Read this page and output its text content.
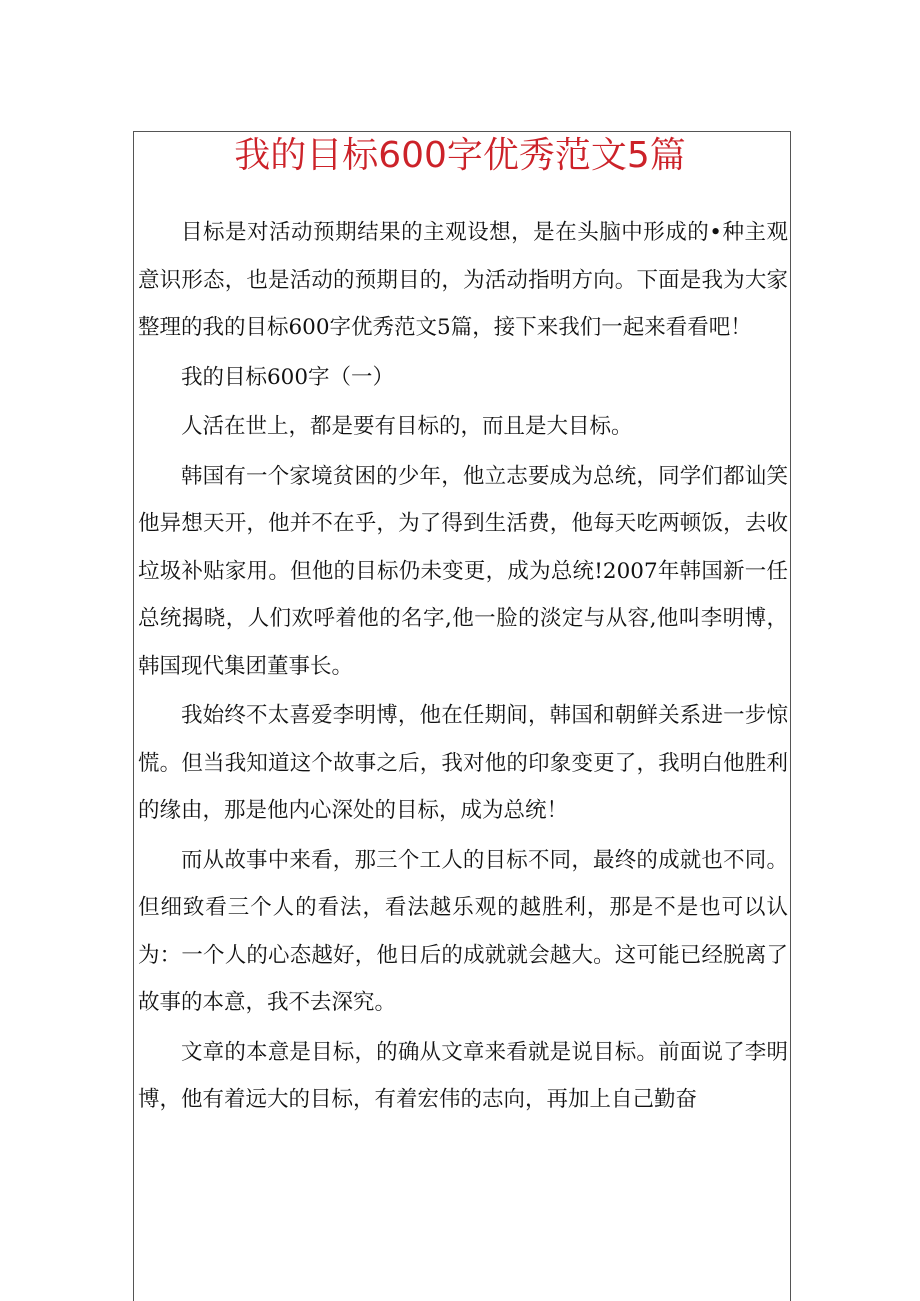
我的目标600字优秀范文5篇

目标是对活动预期结果的主观设想，是在头脑中形成的•种主观意识形态，也是活动的预期目的，为活动指明方向。下面是我为大家整理的我的目标600字优秀范文5篇，接下来我们一起来看看吧！

我的目标600字（一）

人活在世上，都是要有目标的，而且是大目标。

韩国有一个家境贫困的少年，他立志要成为总统，同学们都讪笑他异想天开，他并不在乎，为了得到生活费，他每天吃两顿饭，去收垃圾补贴家用。但他的目标仍未变更，成为总统!2007年韩国新一任总统揭晓，人们欢呼着他的名字,他一脸的淡定与从容,他叫李明博，韩国现代集团董事长。

我始终不太喜爱李明博，他在任期间，韩国和朝鲜关系进一步惊慌。但当我知道这个故事之后，我对他的印象变更了，我明白他胜利的缘由，那是他内心深处的目标，成为总统！

而从故事中来看，那三个工人的目标不同，最终的成就也不同。但细致看三个人的看法，看法越乐观的越胜利，那是不是也可以认为：一个人的心态越好，他日后的成就就会越大。这可能已经脱离了故事的本意，我不去深究。

文章的本意是目标，的确从文章来看就是说目标。前面说了李明博，他有着远大的目标，有着宏伟的志向，再加上自己勤奋
